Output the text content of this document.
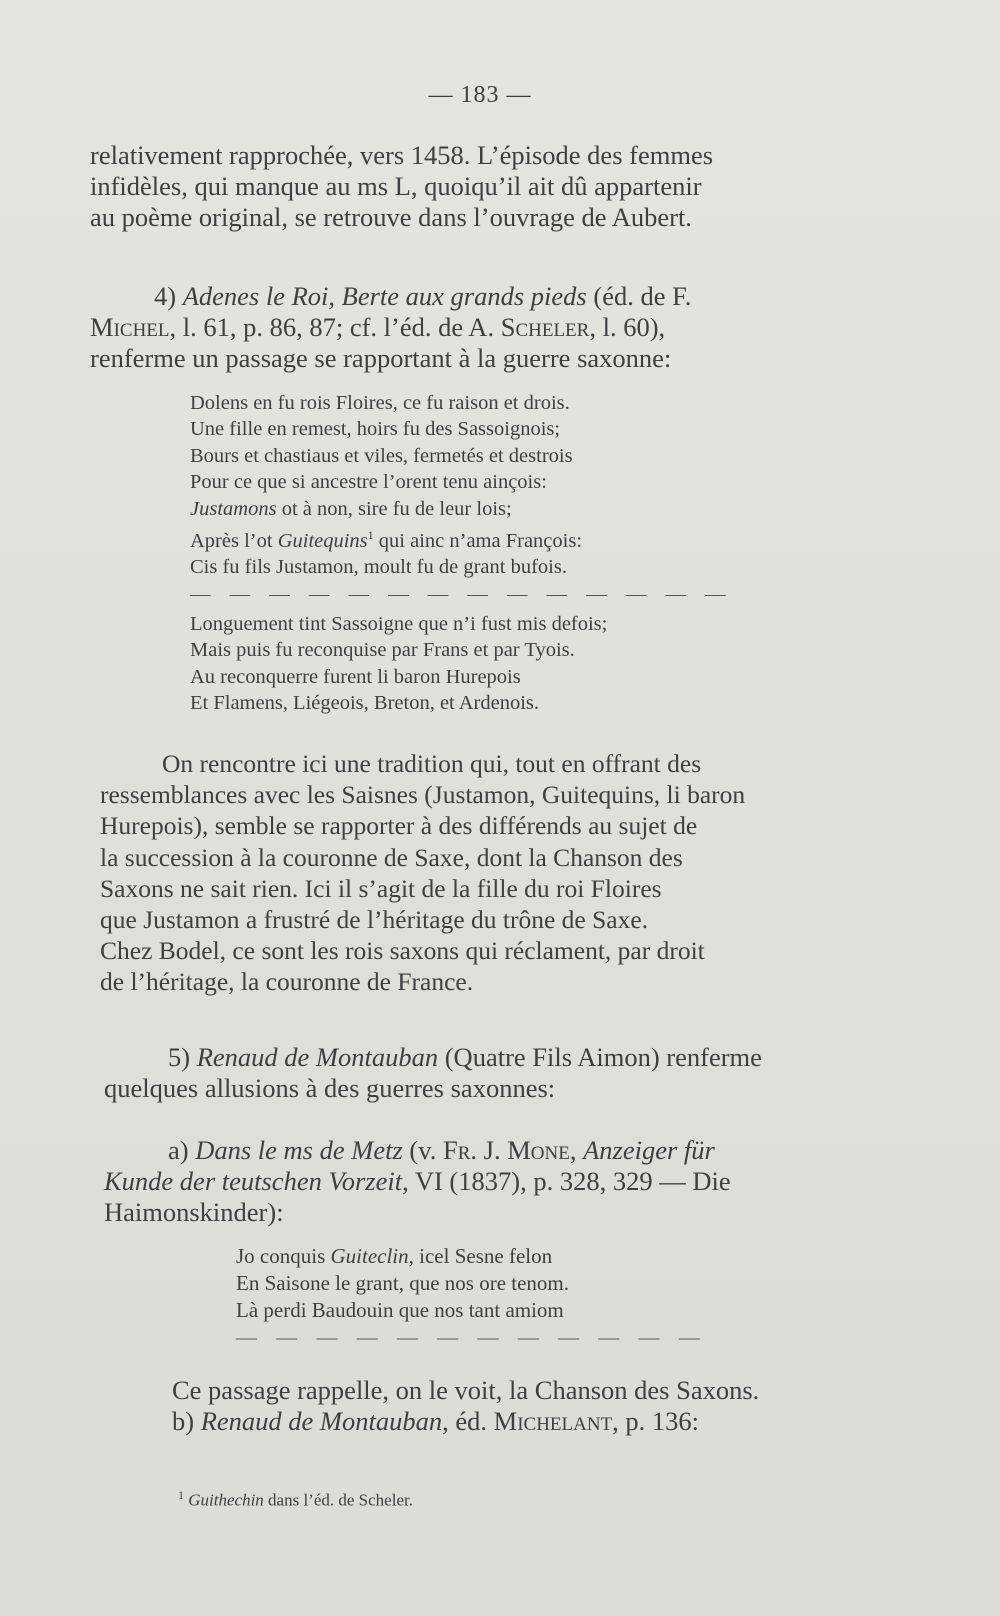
— 183 —
relativement rapprochée, vers 1458. L’épisode des femmes
infidèles, qui manque au ms L, quoiqu’il ait dû appartenir
au poème original, se retrouve dans l’ouvrage de Aubert.
4) Adenes le Roi, Berte aux grands pieds (éd. de F.
Michel, l. 61, p. 86, 87; cf. l’éd. de A. Scheler, l. 60),
renferme un passage se rapportant à la guerre saxonne:
Dolens en fu rois Floires, ce fu raison et drois.
Une fille en remest, hoirs fu des Sassoignois;
Bours et chastiaus et viles, fermetés et destrois
Pour ce que si ancestre l’orent tenu ainçois:
Justamons ot à non, sire fu de leur lois;
Après l’ot Guitequins$^1$ qui ainc n’ama François:
Cis fu fils Justamon, moult fu de grant bufois.
— — — — — — — — — — — — — —
Longuement tint Sassoigne que n’i fust mis defois;
Mais puis fu reconquise par Frans et par Tyois.
Au reconquerre furent li baron Hurepois
Et Flamens, Liégeois, Breton, et Ardenois.
On rencontre ici une tradition qui, tout en offrant des
ressemblances avec les Saisnes (Justamon, Guitequins, li baron
Hurepois), semble se rapporter à des différends au sujet de
la succession à la couronne de Saxe, dont la Chanson des
Saxons ne sait rien. Ici il s’agit de la fille du roi Floires
que Justamon a frustré de l’héritage du trône de Saxe.
Chez Bodel, ce sont les rois saxons qui réclament, par droit
de l’héritage, la couronne de France.
5) Renaud de Montauban (Quatre Fils Aimon) renferme
quelques allusions à des guerres saxonnes:
a) Dans le ms de Metz (v. Fr. J. Mone, Anzeiger für
Kunde der teutschen Vorzeit, VI (1837), p. 328, 329 — Die
Haimonskinder):
Jo conquis Guiteclin, icel Sesne felon
En Saisone le grant, que nos ore tenom.
Là perdi Baudouin que nos tant amiom
— — — — — — — — — — — —
Ce passage rappelle, on le voit, la Chanson des Saxons.
b) Renaud de Montauban, éd. Michelant, p. 136:
$^1$ Guithechin dans l’éd. de Scheler.
